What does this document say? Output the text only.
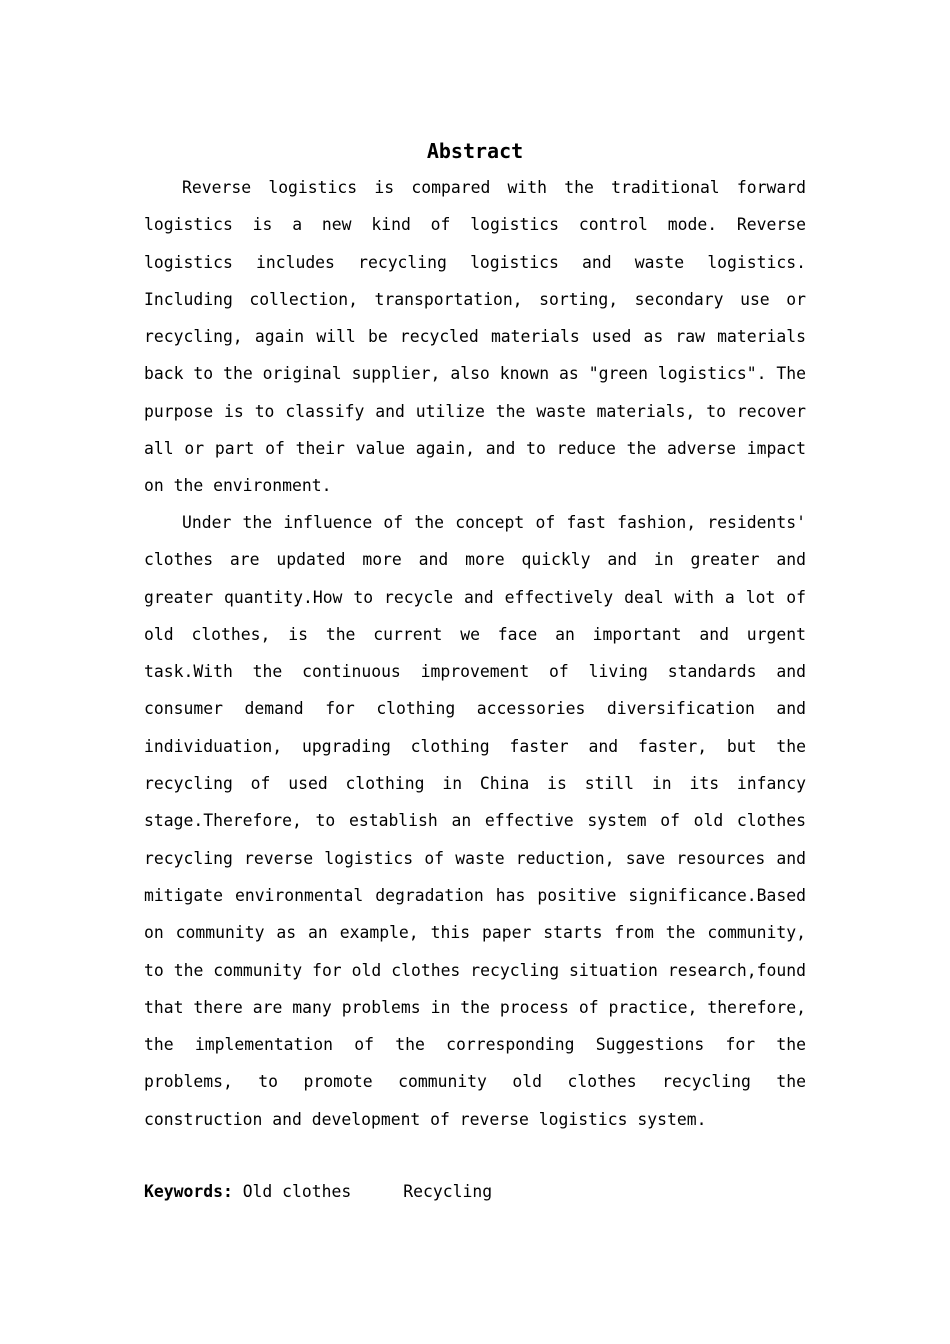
Abstract

Reverse logistics is compared with the traditional forward logistics is a new kind of logistics control mode. Reverse logistics includes recycling logistics and waste logistics. Including collection, transportation, sorting, secondary use or recycling, again will be recycled materials used as raw materials back to the original supplier, also known as "green logistics". The purpose is to classify and utilize the waste materials, to recover all or part of their value again, and to reduce the adverse impact on the environment.

Under the influence of the concept of fast fashion, residents' clothes are updated more and more quickly and in greater and greater quantity.How to recycle and effectively deal with a lot of old clothes, is the current we face an important and urgent task.With the continuous improvement of living standards and consumer demand for clothing accessories diversification and individuation, upgrading clothing faster and faster, but the recycling of used clothing in China is still in its infancy stage.Therefore, to establish an effective system of old clothes recycling reverse logistics of waste reduction, save resources and mitigate environmental degradation has positive significance.Based on community as an example, this paper starts from the community, to the community for old clothes recycling situation research,found that there are many problems in the process of practice, therefore, the implementation of the corresponding Suggestions for the problems, to promote community old clothes recycling the construction and development of reverse logistics system.

Keywords: Old clothes	Recycling
